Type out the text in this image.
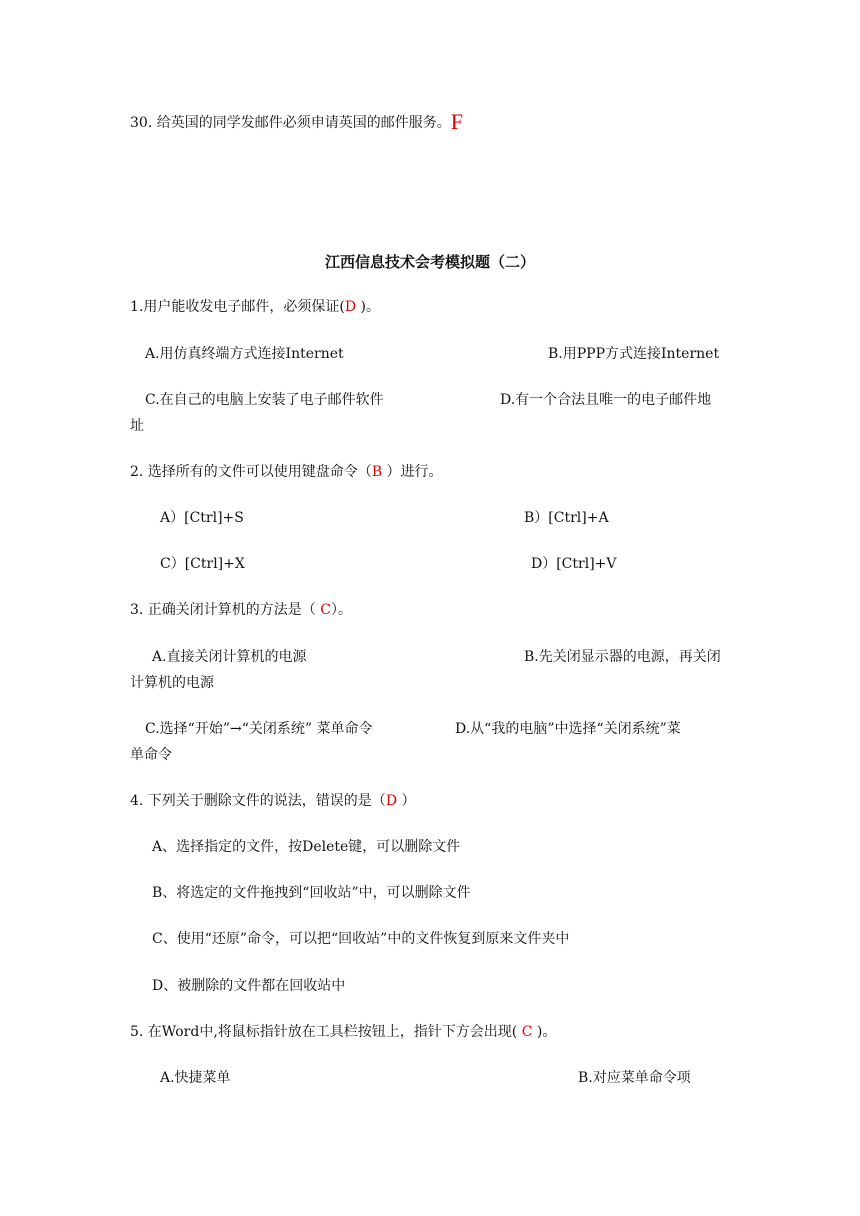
30. 给英国的同学发邮件必须申请英国的邮件服务。F
江西信息技术会考模拟题（二）
1.用户能收发电子邮件，必须保证(D )。
A.用仿真终端方式连接Internet	B.用PPP方式连接Internet
C.在自己的电脑上安装了电子邮件软件	D.有一个合法且唯一的电子邮件地
址
2. 选择所有的文件可以使用键盘命令（B ）进行。
A）[Ctrl]+S	B）[Ctrl]+A
C）[Ctrl]+X	D）[Ctrl]+V
3. 正确关闭计算机的方法是（ C）。
A.直接关闭计算机的电源	B.先关闭显示器的电源，再关闭
计算机的电源
C.选择“开始”→“关闭系统” 菜单命令	D.从“我的电脑”中选择“关闭系统”菜
单命令
4. 下列关于删除文件的说法，错误的是（D ）
A、选择指定的文件，按Delete键，可以删除文件
B、将选定的文件拖拽到“回收站”中，可以删除文件
C、使用“还原”命令，可以把“回收站”中的文件恢复到原来文件夹中
D、被删除的文件都在回收站中
5. 在Word中,将鼠标指针放在工具栏按钮上，指针下方会出现( C )。
A.快捷菜单	B.对应菜单命令项
